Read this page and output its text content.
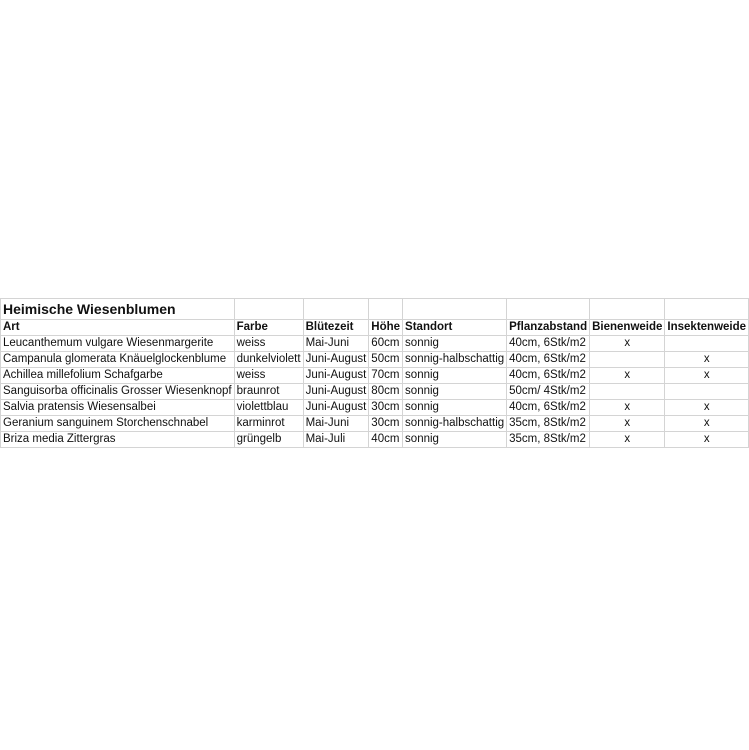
Heimische Wiesenblumen							
Art	Farbe	Blütezeit	Höhe	Standort	Pflanzabstand	Bienenweide	Insektenweide
Leucanthemum vulgare Wiesenmargerite	weiss	Mai-Juni	60cm	sonnig	40cm, 6Stk/m2	x	
Campanula glomerata Knäuelglockenblume	dunkelviolett	Juni-August	50cm	sonnig-halbschattig	40cm, 6Stk/m2		x
Achillea millefolium Schafgarbe	weiss	Juni-August	70cm	sonnig	40cm, 6Stk/m2	x	x
Sanguisorba officinalis Grosser Wiesenknopf	braunrot	Juni-August	80cm	sonnig	50cm/ 4Stk/m2		
Salvia pratensis Wiesensalbei	violettblau	Juni-August	30cm	sonnig	40cm, 6Stk/m2	x	x
Geranium sanguinem Storchenschnabel	karminrot	Mai-Juni	30cm	sonnig-halbschattig	35cm, 8Stk/m2	x	x
Briza media Zittergras	grüngelb	Mai-Juli	40cm	sonnig	35cm, 8Stk/m2	x	x
